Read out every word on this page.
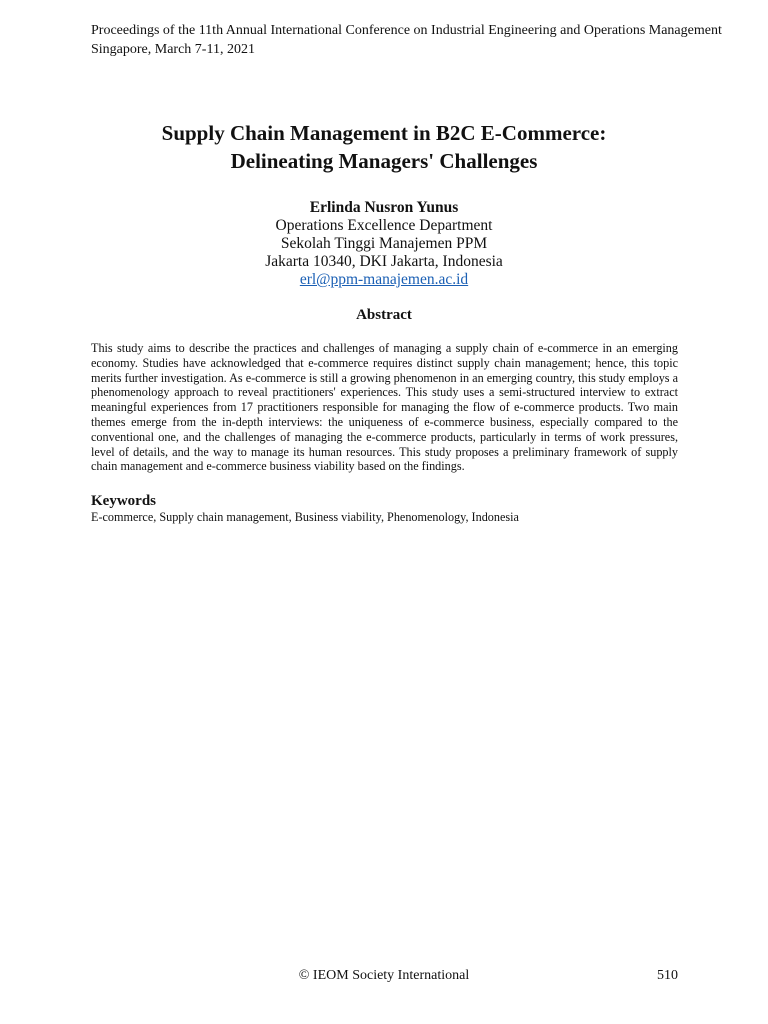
Proceedings of the 11th Annual International Conference on Industrial Engineering and Operations Management
Singapore, March 7-11, 2021
Supply Chain Management in B2C E-Commerce:
Delineating Managers' Challenges
Erlinda Nusron Yunus
Operations Excellence Department
Sekolah Tinggi Manajemen PPM
Jakarta 10340, DKI Jakarta, Indonesia
erl@ppm-manajemen.ac.id
Abstract
This study aims to describe the practices and challenges of managing a supply chain of e-commerce in an emerging economy. Studies have acknowledged that e-commerce requires distinct supply chain management; hence, this topic merits further investigation. As e-commerce is still a growing phenomenon in an emerging country, this study employs a phenomenology approach to reveal practitioners' experiences. This study uses a semi-structured interview to extract meaningful experiences from 17 practitioners responsible for managing the flow of e-commerce products. Two main themes emerge from the in-depth interviews: the uniqueness of e-commerce business, especially compared to the conventional one, and the challenges of managing the e-commerce products, particularly in terms of work pressures, level of details, and the way to manage its human resources. This study proposes a preliminary framework of supply chain management and e-commerce business viability based on the findings.
Keywords
E-commerce, Supply chain management, Business viability, Phenomenology, Indonesia
© IEOM Society International	510
